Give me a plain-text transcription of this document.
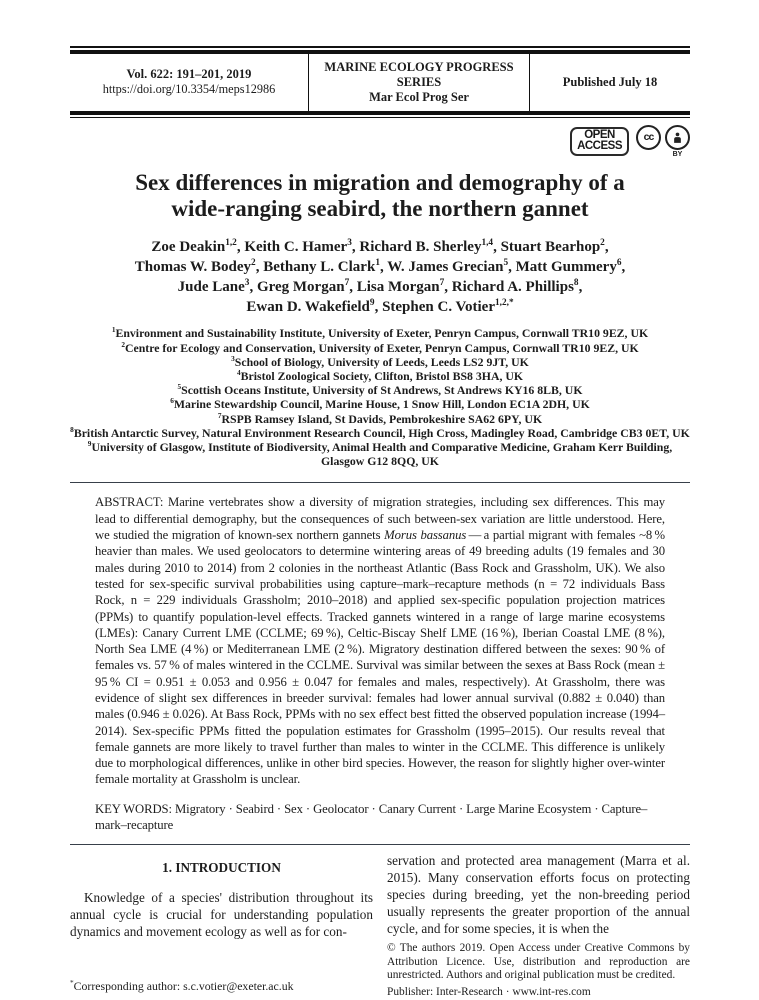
Vol. 622: 191–201, 2019
https://doi.org/10.3354/meps12986
MARINE ECOLOGY PROGRESS SERIES
Mar Ecol Prog Ser
Published July 18
OPEN
ACCESS
cc
BY
Sex differences in migration and demography of a
wide-ranging seabird, the northern gannet
Zoe Deakin$^{1,2}$, Keith C. Hamer$^3$, Richard B. Sherley$^{1,4}$, Stuart Bearhop$^2$,
Thomas W. Bodey$^2$, Bethany L. Clark$^1$, W. James Grecian$^5$, Matt Gummery$^6$,
Jude Lane$^3$, Greg Morgan$^7$, Lisa Morgan$^7$, Richard A. Phillips$^8$,
Ewan D. Wakefield$^9$, Stephen C. Votier$^{1,2,*}$
$^1$Environment and Sustainability Institute, University of Exeter, Penryn Campus, Cornwall TR10 9EZ, UK
$^2$Centre for Ecology and Conservation, University of Exeter, Penryn Campus, Cornwall TR10 9EZ, UK
$^3$School of Biology, University of Leeds, Leeds LS2 9JT, UK
$^4$Bristol Zoological Society, Clifton, Bristol BS8 3HA, UK
$^5$Scottish Oceans Institute, University of St Andrews, St Andrews KY16 8LB, UK
$^6$Marine Stewardship Council, Marine House, 1 Snow Hill, London EC1A 2DH, UK
$^7$RSPB Ramsey Island, St Davids, Pembrokeshire SA62 6PY, UK
$^8$British Antarctic Survey, Natural Environment Research Council, High Cross, Madingley Road, Cambridge CB3 0ET, UK
$^9$University of Glasgow, Institute of Biodiversity, Animal Health and Comparative Medicine, Graham Kerr Building, Glasgow G12 8QQ, UK
ABSTRACT: Marine vertebrates show a diversity of migration strategies, including sex differences. This may lead to differential demography, but the consequences of such between-sex variation are little understood. Here, we studied the migration of known-sex northern gannets Morus bassanus — a partial migrant with females ~8 % heavier than males. We used geolocators to determine wintering areas of 49 breeding adults (19 females and 30 males during 2010 to 2014) from 2 colonies in the northeast Atlantic (Bass Rock and Grassholm, UK). We also tested for sex-specific survival probabilities using capture–mark–recapture methods (n = 72 individuals Bass Rock, n = 229 individuals Grassholm; 2010–2018) and applied sex-specific population projection matrices (PPMs) to quantify population-level effects. Tracked gannets wintered in a range of large marine ecosystems (LMEs): Canary Current LME (CCLME; 69 %), Celtic-Biscay Shelf LME (16 %), Iberian Coastal LME (8 %), North Sea LME (4 %) or Mediterranean LME (2 %). Migratory destination differed between the sexes: 90 % of females vs. 57 % of males wintered in the CCLME. Survival was similar between the sexes at Bass Rock (mean ± 95 % CI = 0.951 ± 0.053 and 0.956 ± 0.047 for females and males, respectively). At Grassholm, there was evidence of slight sex differences in breeder survival: females had lower annual survival (0.882 ± 0.040) than males (0.946 ± 0.026). At Bass Rock, PPMs with no sex effect best fitted the observed population increase (1994–2014). Sex-specific PPMs fitted the population estimates for Grassholm (1995–2015). Our results reveal that female gannets are more likely to travel further than males to winter in the CCLME. This difference is unlikely due to morphological differences, unlike in other bird species. However, the reason for slightly higher over-winter female mortality at Grassholm is unclear.
KEY WORDS: Migratory · Seabird · Sex · Geolocator · Canary Current · Large Marine Ecosystem · Capture–mark–recapture
1. INTRODUCTION
Knowledge of a species' distribution throughout its annual cycle is crucial for understanding population dynamics and movement ecology as well as for con-
*Corresponding author: s.c.votier@exeter.ac.uk
servation and protected area management (Marra et al. 2015). Many conservation efforts focus on protecting species during breeding, yet the non-breeding period usually represents the greater proportion of the annual cycle, and for some species, it is when the
© The authors 2019. Open Access under Creative Commons by Attribution Licence. Use, distribution and reproduction are unrestricted. Authors and original publication must be credited.
Publisher: Inter-Research · www.int-res.com
